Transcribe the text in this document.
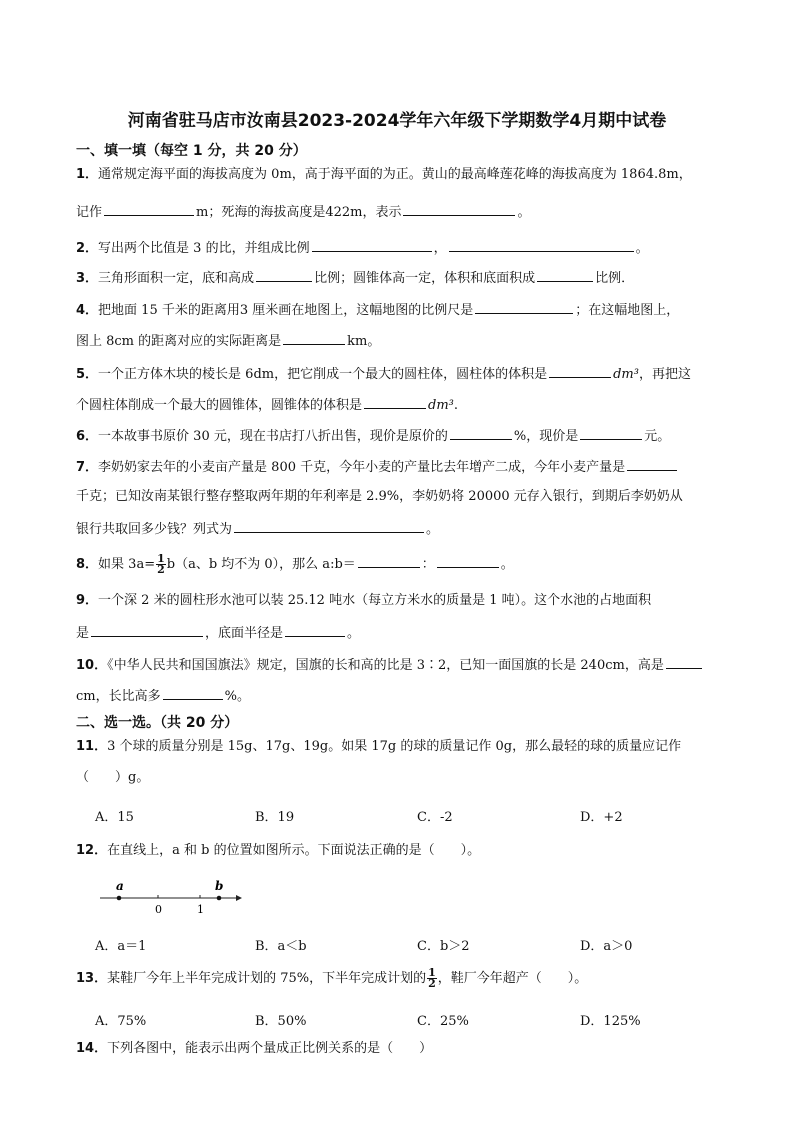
河南省驻马店市汝南县2023-2024学年六年级下学期数学4月期中试卷
一、填一填（每空 1 分，共 20 分）
1．通常规定海平面的海拔高度为 0m，高于海平面的为正。黄山的最高峰莲花峰的海拔高度为 1864.8m，
记作	m；死海的海拔高度是422m，表示	。
2．写出两个比值是 3 的比，并组成比例	，	。
3．三角形面积一定，底和高成	比例；圆锥体高一定，体积和底面积成	比例．
4．把地面 15 千米的距离用3 厘米画在地图上，这幅地图的比例尺是	；在这幅地图上，
图上 8cm 的距离对应的实际距离是	km。
5．一个正方体木块的棱长是 6dm，把它削成一个最大的圆柱体，圆柱体的体积是	dm³，再把这
个圆柱体削成一个最大的圆锥体，圆锥体的体积是	dm³.
6．一本故事书原价 30 元，现在书店打八折出售，现价是原价的	%，现价是	元。
7．李奶奶家去年的小麦亩产量是 800 千克，今年小麦的产量比去年增产二成，今年小麦产量是
千克；已知汝南某银行整存整取两年期的年利率是 2.9%，李奶奶将 20000 元存入银行，到期后李奶奶从
银行共取回多少钱？列式为	。
8．如果 $3a= \frac{1}{2} b(a$、b 均不为 0），那么 a:b＝	：	。
9．一个深 2 米的圆柱形水池可以装 25.12 吨水（每立方米水的质量是 1 吨）。这个水池的占地面积
是	，底面半径是	。
10．《中华人民共和国国旗法》规定，国旗的长和高的比是 3∶2，已知一面国旗的长是 240cm，高是
cm，长比高多	%。
二、选一选。（共 20 分）
11．3 个球的质量分别是 15g、17g、19g。如果 17g 的球的质量记作 0g，那么最轻的球的质量应记作
（　　）g。
A．15	B．19	C．-2	D．+2
12．在直线上，a 和 b 的位置如图所示。下面说法正确的是（　　）。
a	b
0	1
A．a＝1	B．a＜b	C．b＞2	D．a＞0
13．某鞋厂今年上半年完成计划的 75%，下半年完成计划的 $\frac{1}{2}$ ，鞋厂今年超产（　　）。
A．75%	B．50%	C．25%	D．125%
14．下列各图中，能表示出两个量成正比例关系的是（　　）
